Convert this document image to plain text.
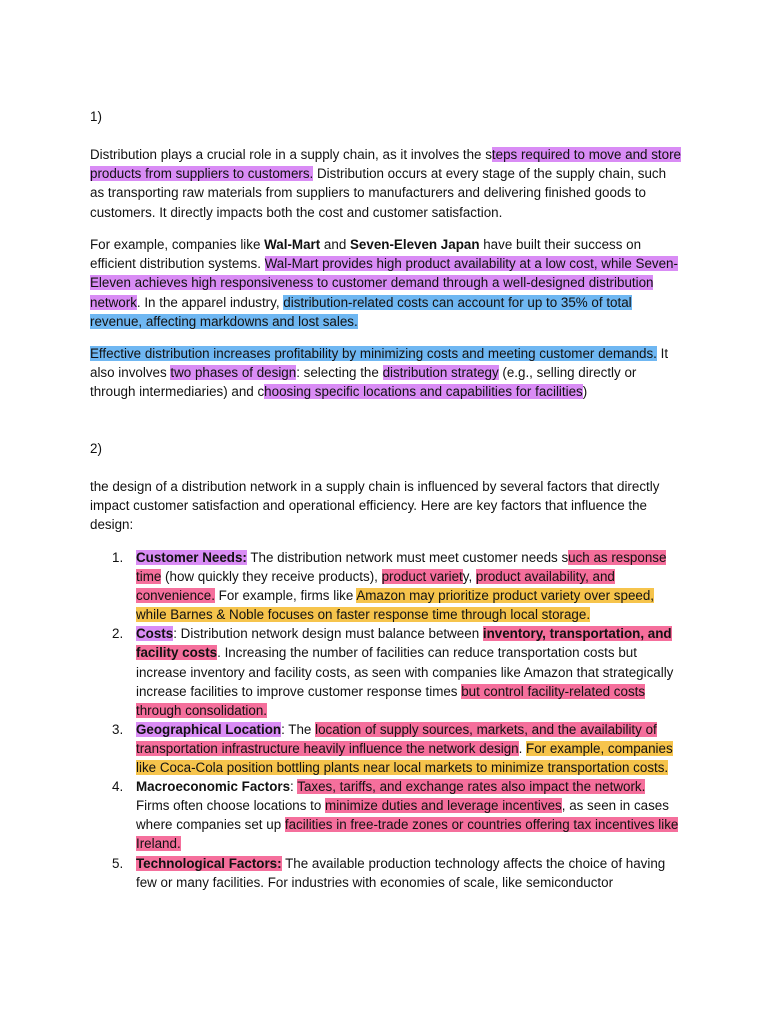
1)

Distribution plays a crucial role in a supply chain, as it involves the steps required to move and store products from suppliers to customers. Distribution occurs at every stage of the supply chain, such as transporting raw materials from suppliers to manufacturers and delivering finished goods to customers. It directly impacts both the cost and customer satisfaction.

For example, companies like Wal-Mart and Seven-Eleven Japan have built their success on efficient distribution systems. Wal-Mart provides high product availability at a low cost, while Seven-Eleven achieves high responsiveness to customer demand through a well-designed distribution network. In the apparel industry, distribution-related costs can account for up to 35% of total revenue, affecting markdowns and lost sales.

Effective distribution increases profitability by minimizing costs and meeting customer demands. It also involves two phases of design: selecting the distribution strategy (e.g., selling directly or through intermediaries) and choosing specific locations and capabilities for facilities)

2)

the design of a distribution network in a supply chain is influenced by several factors that directly impact customer satisfaction and operational efficiency. Here are key factors that influence the design:

1. Customer Needs: The distribution network must meet customer needs such as response time (how quickly they receive products), product variety, product availability, and convenience. For example, firms like Amazon may prioritize product variety over speed, while Barnes & Noble focuses on faster response time through local storage.
2. Costs: Distribution network design must balance between inventory, transportation, and facility costs. Increasing the number of facilities can reduce transportation costs but increase inventory and facility costs, as seen with companies like Amazon that strategically increase facilities to improve customer response times but control facility-related costs through consolidation.
3. Geographical Location: The location of supply sources, markets, and the availability of transportation infrastructure heavily influence the network design. For example, companies like Coca-Cola position bottling plants near local markets to minimize transportation costs.
4. Macroeconomic Factors: Taxes, tariffs, and exchange rates also impact the network. Firms often choose locations to minimize duties and leverage incentives, as seen in cases where companies set up facilities in free-trade zones or countries offering tax incentives like Ireland.
5. Technological Factors: The available production technology affects the choice of having few or many facilities. For industries with economies of scale, like semiconductor
